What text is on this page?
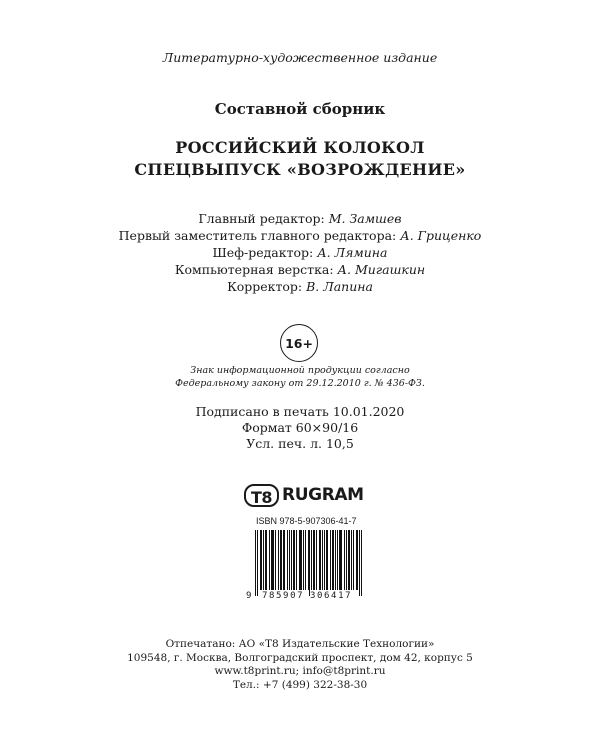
Литературно-художественное издание
Составной сборник
РОССИЙСКИЙ КОЛОКОЛ
СПЕЦВЫПУСК «ВОЗРОЖДЕНИЕ»
Главный редактор: М. Замшев
Первый заместитель главного редактора: А. Гриценко
Шеф-редактор: А. Лямина
Компьютерная верстка: А. Мигашкин
Корректор: В. Лапина
16+
Знак информационной продукции согласно
Федеральному закону от 29.12.2010 г. № 436-ФЗ.
Подписано в печать 10.01.2020
Формат 60×90/16
Усл. печ. л. 10,5
T8 RUGRAM
ISBN 978-5-907306-41-7
9 785907 306417
Отпечатано: АО «Т8 Издательские Технологии»
109548, г. Москва, Волгоградский проспект, дом 42, корпус 5
www.t8print.ru; info@t8print.ru
Тел.: +7 (499) 322-38-30
